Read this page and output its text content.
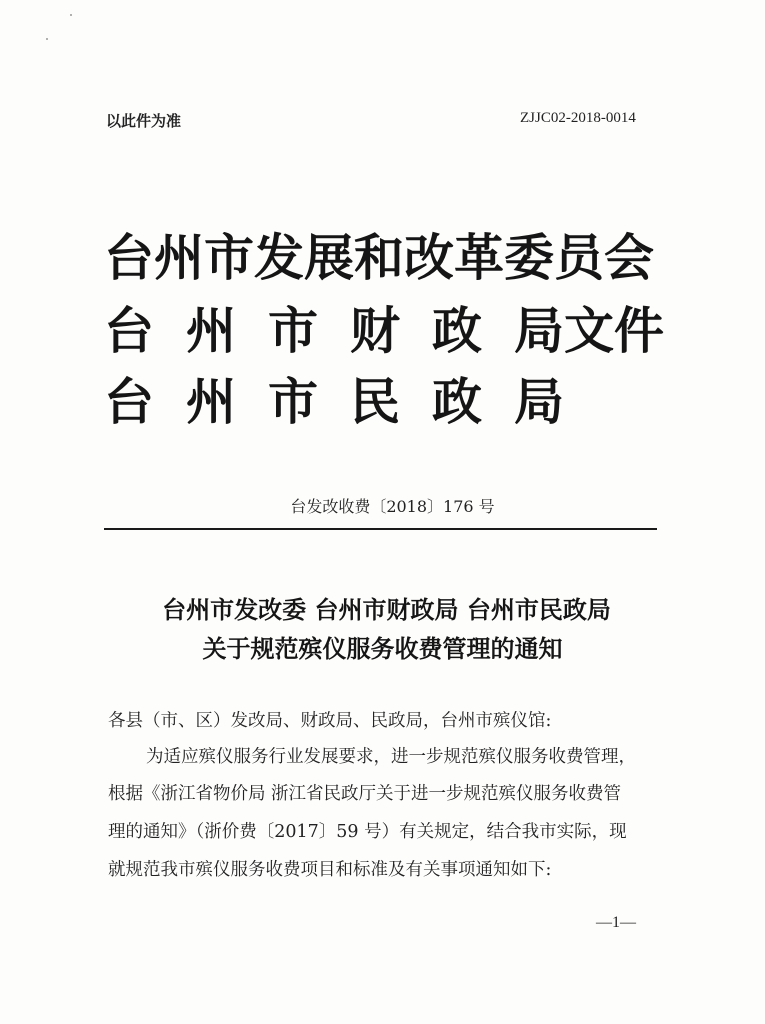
以此件为准	ZJJC02-2018-0014
台州市发展和改革委员会
台 州 市 财 政 局文件
台 州 市 民 政 局
台发改收费〔2018〕176 号
台州市发改委 台州市财政局 台州市民政局
关于规范殡仪服务收费管理的通知
各县（市、区）发改局、财政局、民政局，台州市殡仪馆:
为适应殡仪服务行业发展要求，进一步规范殡仪服务收费管理，
根据《浙江省物价局 浙江省民政厅关于进一步规范殡仪服务收费管
理的通知》（浙价费〔2017〕59 号）有关规定，结合我市实际，现
就规范我市殡仪服务收费项目和标准及有关事项通知如下:
—1—
